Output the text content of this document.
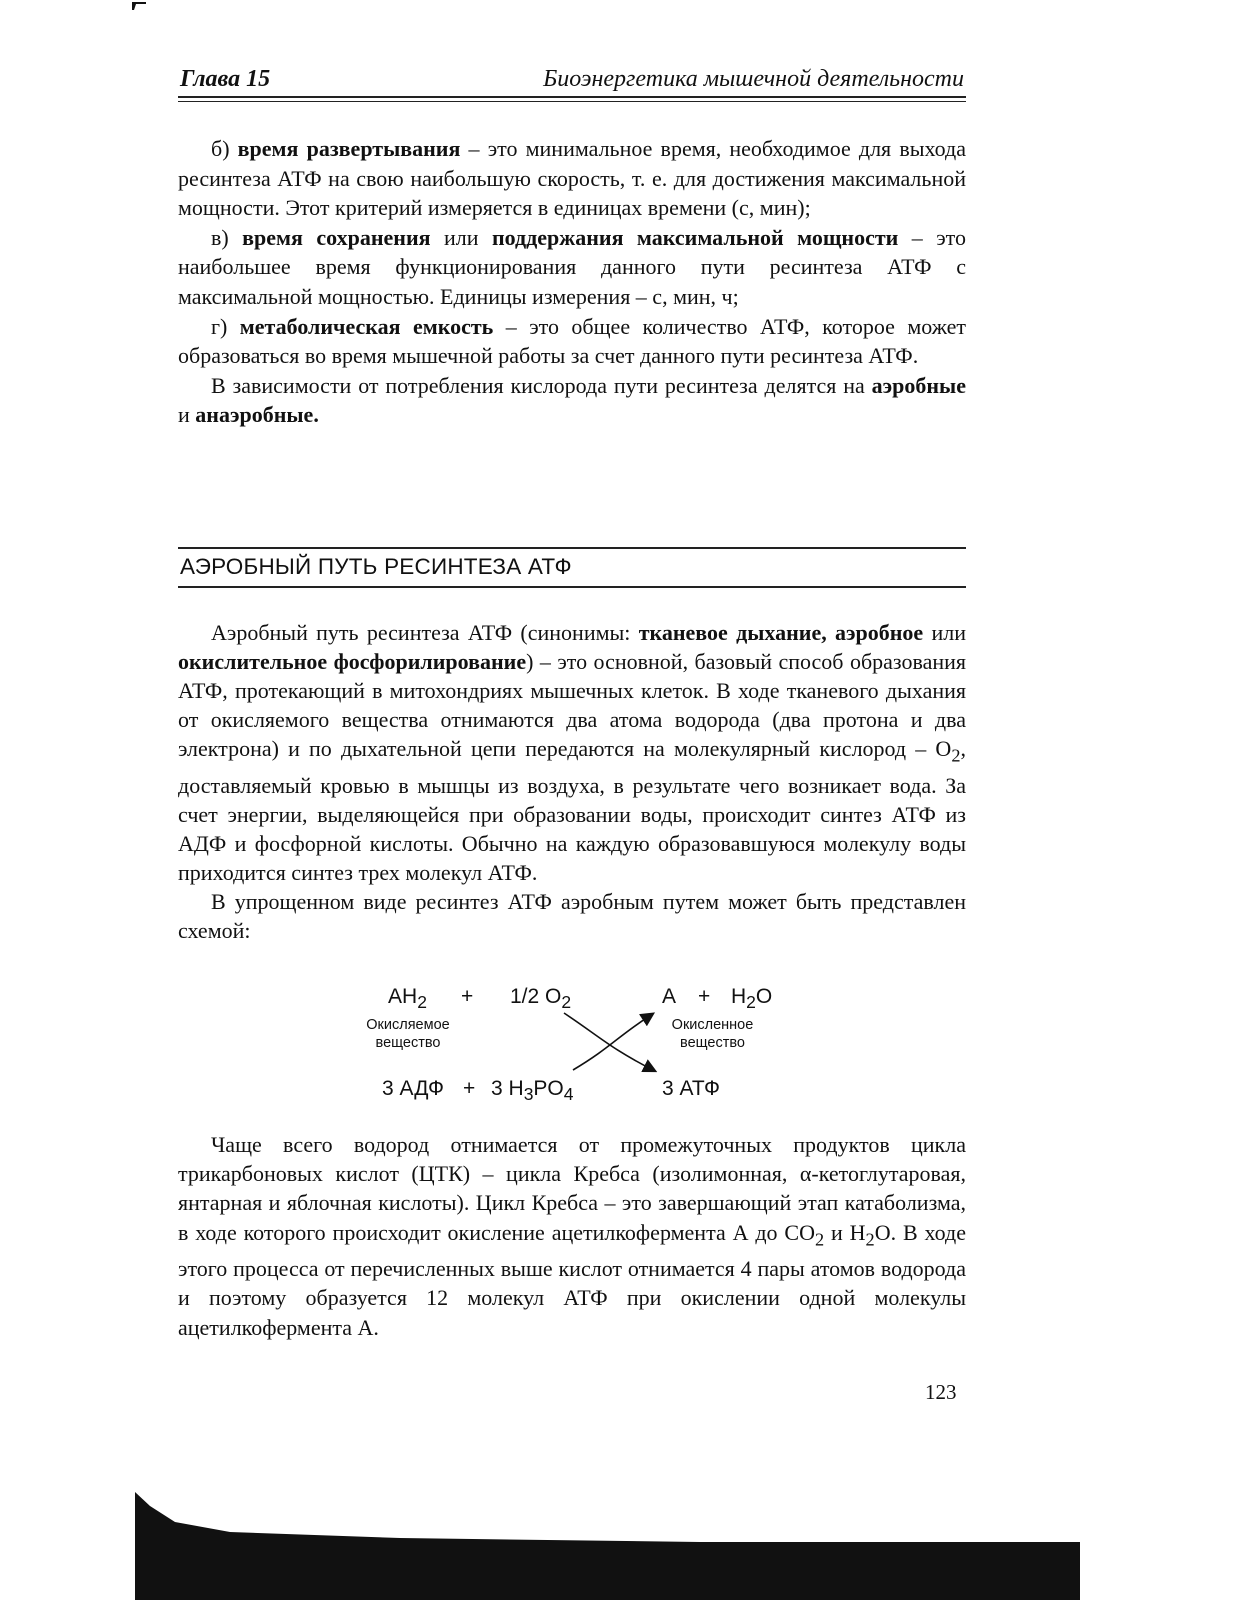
Глава 15	Биоэнергетика мышечной деятельности

б) время развертывания – это минимальное время, необходимое для выхода ресинтеза АТФ на свою наибольшую скорость, т. е. для достижения максимальной мощности. Этот критерий измеряется в единицах времени (с, мин);

в) время сохранения или поддержания максимальной мощности – это наибольшее время функционирования данного пути ресинтеза АТФ с максимальной мощностью. Единицы измерения – с, мин, ч;

г) метаболическая емкость – это общее количество АТФ, которое может образоваться во время мышечной работы за счет данного пути ресинтеза АТФ.

В зависимости от потребления кислорода пути ресинтеза делятся на аэробные и анаэробные.

АЭРОБНЫЙ ПУТЬ РЕСИНТЕЗА АТФ

Аэробный путь ресинтеза АТФ (синонимы: тканевое дыхание, аэробное или окислительное фосфорилирование) – это основной, базовый способ образования АТФ, протекающий в митохондриях мышечных клеток. В ходе тканевого дыхания от окисляемого вещества отнимаются два атома водорода (два протона и два электрона) и по дыхательной цепи передаются на молекулярный кислород – $O_2$, доставляемый кровью в мышцы из воздуха, в результате чего возникает вода. За счет энергии, выделяющейся при образовании воды, происходит синтез АТФ из АДФ и фосфорной кислоты. Обычно на каждую образовавшуюся молекулу воды приходится синтез трех молекул АТФ.

В упрощенном виде ресинтез АТФ аэробным путем может быть представлен схемой:

$AH_2 + 1/2$ $O_2$	$A + H_2O$
Окисляемое
вещество
Окисленное
вещество
3 АДФ + 3 $H_3PO_4$	3 АТФ

Чаще всего водород отнимается от промежуточных продуктов цикла трикарбоновых кислот (ЦТК) – цикла Кребса (изолимонная, α-кетоглутаровая, янтарная и яблочная кислоты). Цикл Кребса – это завершающий этап катаболизма, в ходе которого происходит окисление ацетилкофермента А до $CO_2$ и $H_2O$. В ходе этого процесса от перечисленных выше кислот отнимается 4 пары атомов водорода и поэтому образуется 12 молекул АТФ при окислении одной молекулы ацетилкофермента А.

123
